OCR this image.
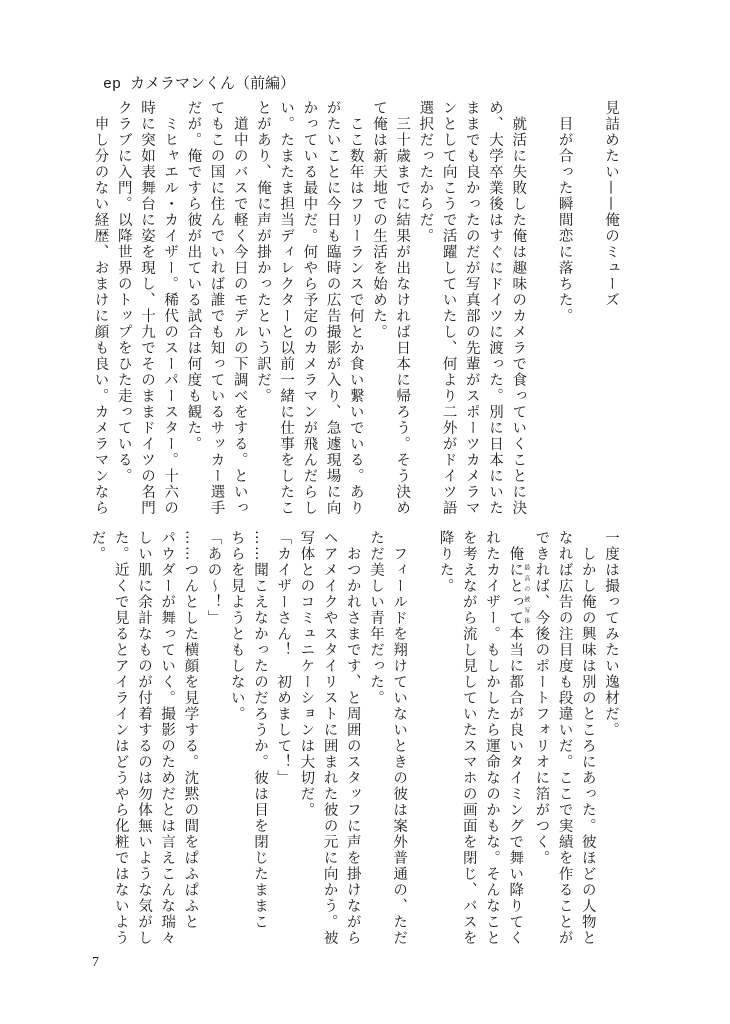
ep カメラマンくん（前編）
見詰めたい——俺のミューズ

　目が合った瞬間恋に落ちた。

　就活に失敗した俺は趣味のカメラで食っていくことに決
め、大学卒業後はすぐにドイツに渡った。別に日本にいた
ままでも良かったのだが写真部の先輩がスポーツカメラマ
ンとして向こうで活躍していたし、何より二外がドイツ語
選択だったからだ。
　三十歳までに結果が出なければ日本に帰ろう。そう決め
て俺は新天地での生活を始めた。
　ここ数年はフリーランスで何とか食い繋いでいる。あり
がたいことに今日も臨時の広告撮影が入り、急遽現場に向
かっている最中だ。何やら予定のカメラマンが飛んだらし
い。たまたま担当ディレクターと以前一緒に仕事をしたこ
とがあり、俺に声が掛かったという訳だ。
　道中のバスで軽く今日のモデルの下調べをする。といっ
てもこの国に住んでいれば誰でも知っているサッカー選手
だが。俺ですら彼が出ている試合は何度も観た。
　ミヒャエル・カイザー。稀代のスーパースター。十六の
時に突如表舞台に姿を現し、十九でそのままドイツの名門
クラブに入門。以降世界のトップをひた走っている。
　申し分のない経歴、おまけに顔も良い。カメラマンなら
一度は撮ってみたい逸材だ。
　しかし俺の興味は別のところにあった。彼ほどの人物と
なれば広告の注目度も段違いだ。ここで実績を作ることが
できれば、今後のポートフォリオに箔がつく。
　俺にとって 最高の被写体本当に都合が良いタイミングで舞い降りてく
れたカイザー。もしかしたら運命なのかもな。そんなこと
を考えながら流し見していたスマホの画面を閉じ、バスを
降りた。

　フィールドを翔けていないときの彼は案外普通の、ただ
ただ美しい青年だった。
　おつかれさまです、と周囲のスタッフに声を掛けながら
ヘアメイクやスタイリストに囲まれた彼の元に向かう。被
写体とのコミュニケーションは大切だ。
「カイザーさん！　初めまして！」
……聞こえなかったのだろうか。彼は目を閉じたままこ
ちらを見ようともしない。
「あの〜！」
……つんとした横顔を見学する。沈黙の間をぱふぱふと
パウダーが舞っていく。撮影のためだとは言えこんな瑞々
しい肌に余計なものが付着するのは勿体無いような気がし
た。近くで見るとアイラインはどうやら化粧ではないよう
だ。
7
